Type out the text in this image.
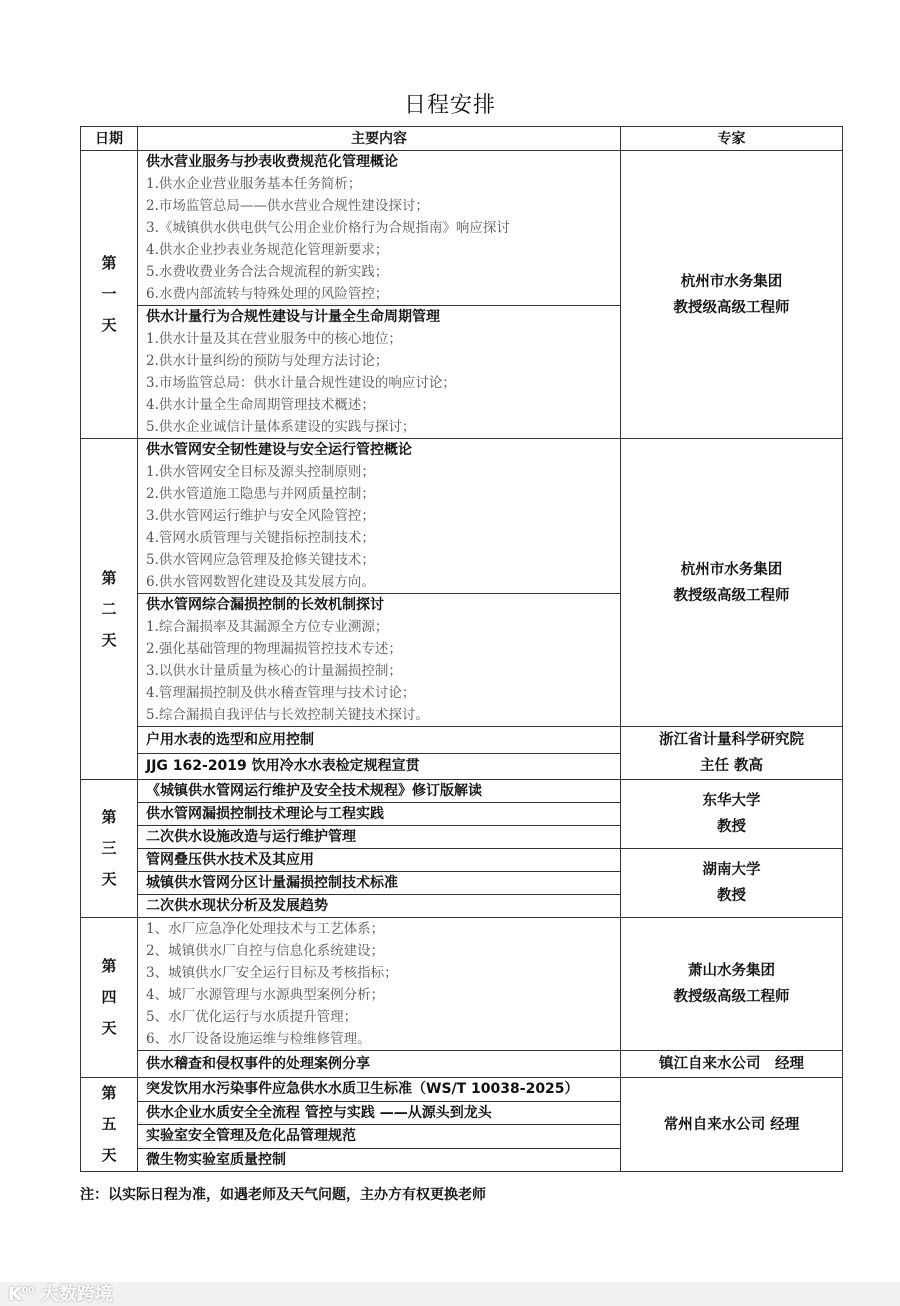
日程安排
日期	主要内容	专家

第一天	供水营业服务与抄表收费规范化管理概论	杭州市水务集团
教授级高级工程师

	1.供水企业营业服务基本任务简析；	
	2.市场监管总局——供水营业合规性建设探讨；	
	3.《城镇供水供电供气公用企业价格行为合规指南》响应探讨	
	4.供水企业抄表业务规范化管理新要求；	
	5.水费收费业务合法合规流程的新实践；	
	6.水费内部流转与特殊处理的风险管控；	
	供水计量行为合规性建设与计量全生命周期管理	
	1.供水计量及其在营业服务中的核心地位；	
	2.供水计量纠纷的预防与处理方法讨论；	
	3.市场监管总局：供水计量合规性建设的响应讨论；	
	4.供水计量全生命周期管理技术概述；	
	5.供水企业诚信计量体系建设的实践与探讨；	

第二天	供水管网安全韧性建设与安全运行管控概论	杭州市水务集团
教授级高级工程师

	1.供水管网安全目标及源头控制原则；	
	2.供水管道施工隐患与并网质量控制；	
	3.供水管网运行维护与安全风险管控；	
	4.管网水质管理与关键指标控制技术；	
	5.供水管网应急管理及抢修关键技术；	
	6.供水管网数智化建设及其发展方向。	
	供水管网综合漏损控制的长效机制探讨	
	1.综合漏损率及其漏源全方位专业溯源；	
	2.强化基础管理的物理漏损管控技术专述；	
	3.以供水计量质量为核心的计量漏损控制；	
	4.管理漏损控制及供水稽查管理与技术讨论；	
	5.综合漏损自我评估与长效控制关键技术探讨。	
	户用水表的选型和应用控制	浙江省计量科学研究院
主任 教高

	JJG 162-2019 饮用冷水水表检定规程宣贯	

第三天	《城镇供水管网运行维护及安全技术规程》修订版解读	东华大学
教授

	供水管网漏损控制技术理论与工程实践	
	二次供水设施改造与运行维护管理	
	管网叠压供水技术及其应用	湖南大学
教授

	城镇供水管网分区计量漏损控制技术标准	
	二次供水现状分析及发展趋势	

第四天	1、水厂应急净化处理技术与工艺体系；	萧山水务集团
教授级高级工程师

	2、城镇供水厂自控与信息化系统建设；	
	3、城镇供水厂安全运行目标及考核指标；	
	4、城厂水源管理与水源典型案例分析；	
	5、水厂优化运行与水质提升管理；	
	6、水厂设备设施运维与检维修管理。	
	供水稽查和侵权事件的处理案例分享	镇江自来水公司　经理

第五天	突发饮用水污染事件应急供水水质卫生标准（WS/T 10038-2025）	常州自来水公司 经理

	供水企业水质安全全流程 管控与实践 ——从源头到龙头	
	实验室安全管理及危化品管理规范	
	微生物实验室质量控制	
注：以实际日程为准，如遇老师及天气问题，主办方有权更换老师
$K^{00}$ 大数跨境
